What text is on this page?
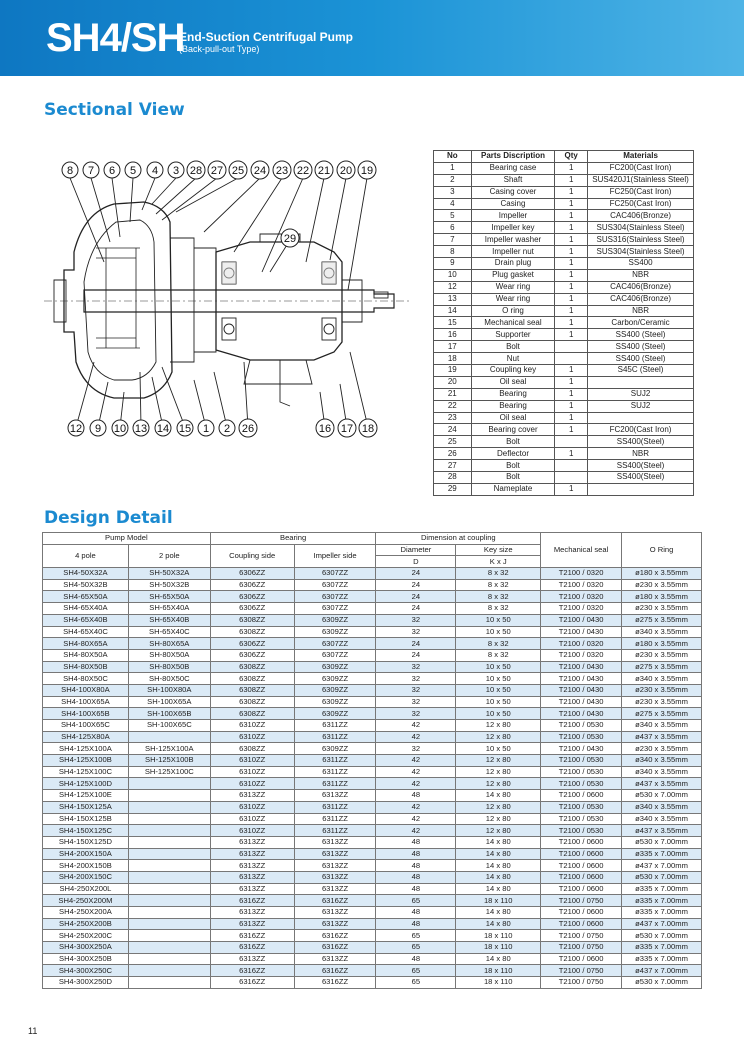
SH4/SH
End-Suction Centrifugal Pump
(Back-pull-out Type)
Sectional View
8 7 6 5 4 3 28 27 25 24 23 22 21 20 19
29
12 9 10 13 14 15 1 2 26	16 17 18
No	Parts Discription	Qty	Materials
1	Bearing case	1	FC200(Cast Iron)
2	Shaft	1	SUS420J1(Stainless Steel)
3	Casing cover	1	FC250(Cast Iron)
4	Casing	1	FC250(Cast Iron)
5	Impeller	1	CAC406(Bronze)
6	Impeller key	1	SUS304(Stainless Steel)
7	Impeller washer	1	SUS316(Stainless Steel)
8	Impeller nut	1	SUS304(Stainless Steel)
9	Drain plug	1	SS400
10	Plug gasket	1	NBR
12	Wear ring	1	CAC406(Bronze)
13	Wear ring	1	CAC406(Bronze)
14	O ring	1	NBR
15	Mechanical seal	1	Carbon/Ceramic
16	Supporter	1	SS400 (Steel)
17	Bolt		SS400 (Steel)
18	Nut		SS400 (Steel)
19	Coupling key	1	S45C (Steel)
20	Oil seal	1	
21	Bearing	1	SUJ2
22	Bearing	1	SUJ2
23	Oil seal	1	
24	Bearing cover	1	FC200(Cast Iron)
25	Bolt		SS400(Steel)
26	Deflector	1	NBR
27	Bolt		SS400(Steel)
28	Bolt		SS400(Steel)
29	Nameplate	1	
Design Detail
Pump Model		Bearing		Dimension at coupling		Mechanical seal	O Ring
4 pole	2 pole	Coupling side	Impeller side	Diameter	Key size		
				D	K x J		
SH4-50X32A	SH-50X32A	6306ZZ	6307ZZ	24	8 x 32	T2100 / 0320	ø180 x 3.55mm
SH4-50X32B	SH-50X32B	6306ZZ	6307ZZ	24	8 x 32	T2100 / 0320	ø230 x 3.55mm
SH4-65X50A	SH-65X50A	6306ZZ	6307ZZ	24	8 x 32	T2100 / 0320	ø180 x 3.55mm
SH4-65X40A	SH-65X40A	6306ZZ	6307ZZ	24	8 x 32	T2100 / 0320	ø230 x 3.55mm
SH4-65X40B	SH-65X40B	6308ZZ	6309ZZ	32	10 x 50	T2100 / 0430	ø275 x 3.55mm
SH4-65X40C	SH-65X40C	6308ZZ	6309ZZ	32	10 x 50	T2100 / 0430	ø340 x 3.55mm
SH4-80X65A	SH-80X65A	6306ZZ	6307ZZ	24	8 x 32	T2100 / 0320	ø180 x 3.55mm
SH4-80X50A	SH-80X50A	6306ZZ	6307ZZ	24	8 x 32	T2100 / 0320	ø230 x 3.55mm
SH4-80X50B	SH-80X50B	6308ZZ	6309ZZ	32	10 x 50	T2100 / 0430	ø275 x 3.55mm
SH4-80X50C	SH-80X50C	6308ZZ	6309ZZ	32	10 x 50	T2100 / 0430	ø340 x 3.55mm
SH4-100X80A	SH-100X80A	6308ZZ	6309ZZ	32	10 x 50	T2100 / 0430	ø230 x 3.55mm
SH4-100X65A	SH-100X65A	6308ZZ	6309ZZ	32	10 x 50	T2100 / 0430	ø230 x 3.55mm
SH4-100X65B	SH-100X65B	6308ZZ	6309ZZ	32	10 x 50	T2100 / 0430	ø275 x 3.55mm
SH4-100X65C	SH-100X65C	6310ZZ	6311ZZ	42	12 x 80	T2100 / 0530	ø340 x 3.55mm
SH4-125X80A		6310ZZ	6311ZZ	42	12 x 80	T2100 / 0530	ø437 x 3.55mm
SH4-125X100A	SH-125X100A	6308ZZ	6309ZZ	32	10 x 50	T2100 / 0430	ø230 x 3.55mm
SH4-125X100B	SH-125X100B	6310ZZ	6311ZZ	42	12 x 80	T2100 / 0530	ø340 x 3.55mm
SH4-125X100C	SH-125X100C	6310ZZ	6311ZZ	42	12 x 80	T2100 / 0530	ø340 x 3.55mm
SH4-125X100D		6310ZZ	6311ZZ	42	12 x 80	T2100 / 0530	ø437 x 3.55mm
SH4-125X100E		6313ZZ	6313ZZ	48	14 x 80	T2100 / 0600	ø530 x 7.00mm
SH4-150X125A		6310ZZ	6311ZZ	42	12 x 80	T2100 / 0530	ø340 x 3.55mm
SH4-150X125B		6310ZZ	6311ZZ	42	12 x 80	T2100 / 0530	ø340 x 3.55mm
SH4-150X125C		6310ZZ	6311ZZ	42	12 x 80	T2100 / 0530	ø437 x 3.55mm
SH4-150X125D		6313ZZ	6313ZZ	48	14 x 80	T2100 / 0600	ø530 x 7.00mm
SH4-200X150A		6313ZZ	6313ZZ	48	14 x 80	T2100 / 0600	ø335 x 7.00mm
SH4-200X150B		6313ZZ	6313ZZ	48	14 x 80	T2100 / 0600	ø437 x 7.00mm
SH4-200X150C		6313ZZ	6313ZZ	48	14 x 80	T2100 / 0600	ø530 x 7.00mm
SH4-250X200L		6313ZZ	6313ZZ	48	14 x 80	T2100 / 0600	ø335 x 7.00mm
SH4-250X200M		6316ZZ	6316ZZ	65	18 x 110	T2100 / 0750	ø335 x 7.00mm
SH4-250X200A		6313ZZ	6313ZZ	48	14 x 80	T2100 / 0600	ø335 x 7.00mm
SH4-250X200B		6313ZZ	6313ZZ	48	14 x 80	T2100 / 0600	ø437 x 7.00mm
SH4-250X200C		6316ZZ	6316ZZ	65	18 x 110	T2100 / 0750	ø530 x 7.00mm
SH4-300X250A		6316ZZ	6316ZZ	65	18 x 110	T2100 / 0750	ø335 x 7.00mm
SH4-300X250B		6313ZZ	6313ZZ	48	14 x 80	T2100 / 0600	ø335 x 7.00mm
SH4-300X250C		6316ZZ	6316ZZ	65	18 x 110	T2100 / 0750	ø437 x 7.00mm
SH4-300X250D		6316ZZ	6316ZZ	65	18 x 110	T2100 / 0750	ø530 x 7.00mm
11
